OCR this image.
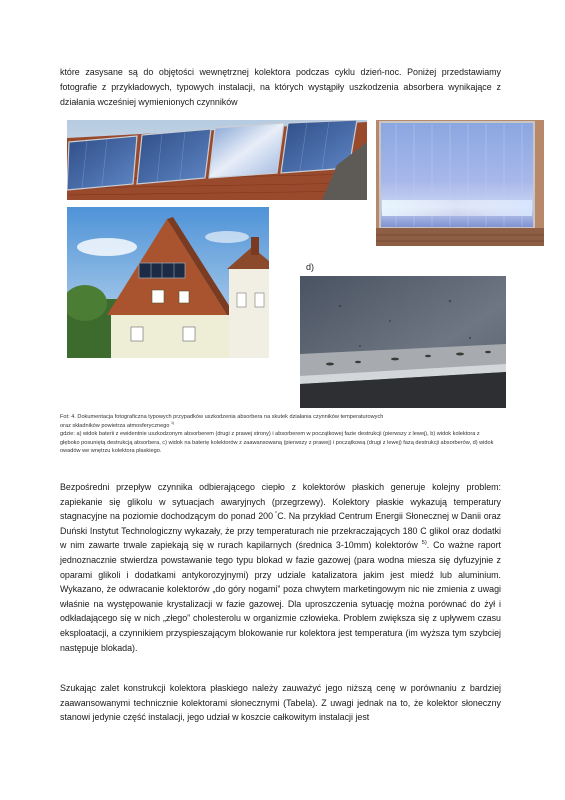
które zasysane są do objętości wewnętrznej kolektora podczas cyklu dzień-noc. Poniżej przedstawiamy fotografie z przykładowych, typowych instalacji, na których wystąpiły uszkodzenia absorbera wynikające z działania wcześniej wymienionych czynników

d)

Fot: 4. Dokumentacja fotograficzna typowych przypadków uszkodzenia absorbera na skutek działania czynników temperaturowych

oraz składników powietrza atmosferycznego $^{1)}$

gdzie: a) widok baterii z ewidentnie uszkodzonym absorberem (drugi z prawej strony) i absorberem w początkowej fazie destrukcji (pierwszy z lewej), b) widok kolektora z głęboko posuniętą destrukcją absorbera, c) widok na baterię kolektorów z zaawansowaną (pierwszy z prawej) i początkową (drugi z lewej) fazą destrukcji absorberów, d) widok owadów we wnętrzu kolektora płaskiego.

Bezpośredni przepływ czynnika odbierającego ciepło z kolektorów płaskich generuje kolejny problem: zapiekanie się glikolu w sytuacjach awaryjnych (przegrzewy). Kolektory płaskie wykazują temperatury stagnacyjne na poziomie dochodzącym do ponad 200 °C. Na przykład Centrum Energii Słonecznej w Danii oraz Duński Instytut Technologiczny wykazały, że przy temperaturach nie przekraczających 180 C glikol oraz dodatki w nim zawarte trwale zapiekają się w rurach kapilarnych (średnica 3-10mm) kolektorów $^{5)}$. Co ważne raport jednoznacznie stwierdza powstawanie tego typu blokad w fazie gazowej (para wodna miesza się dyfuzyjnie z oparami glikoli i dodatkami antykorozyjnymi) przy udziale katalizatora jakim jest miedź lub aluminium. Wykazano, że odwracanie kolektorów „do góry nogami” poza chwytem marketingowym nic nie zmienia z uwagi właśnie na występowanie krystalizacji w fazie gazowej. Dla uproszczenia sytuację można porównać do żył i odkładającego się w nich „złego” cholesterolu w organizmie człowieka. Problem zwiększa się z upływem czasu eksploatacji, a czynnikiem przyspieszającym blokowanie rur kolektora jest temperatura (im wyższa tym szybciej następuje blokada).

Szukając zalet konstrukcji kolektora płaskiego należy zauważyć jego niższą cenę w porównaniu z bardziej zaawansowanymi technicznie kolektorami słonecznymi (Tabela). Z uwagi jednak na to, że kolektor słoneczny stanowi jedynie część instalacji, jego udział w koszcie całkowitym instalacji jest
